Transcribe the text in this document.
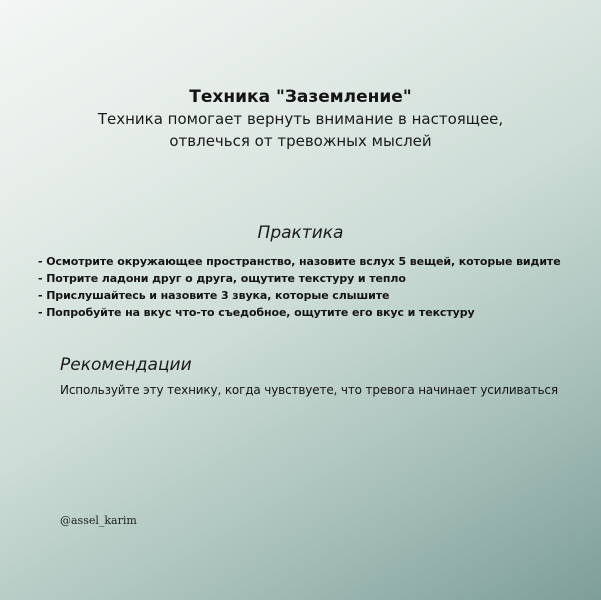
Техника "Заземление"

Техника помогает вернуть внимание в настоящее,

отвлечься от тревожных мыслей

Практика

- Осмотрите окружающее пространство, назовите вслух 5 вещей, которые видите
- Потрите ладони друг о друга, ощутите текстуру и тепло
- Прислушайтесь и назовите 3 звука, которые слышите
- Попробуйте на вкус что-то съедобное, ощутите его вкус и текстуру

Рекомендации

Используйте эту технику, когда чувствуете, что тревога начинает усиливаться

@assel_karim
